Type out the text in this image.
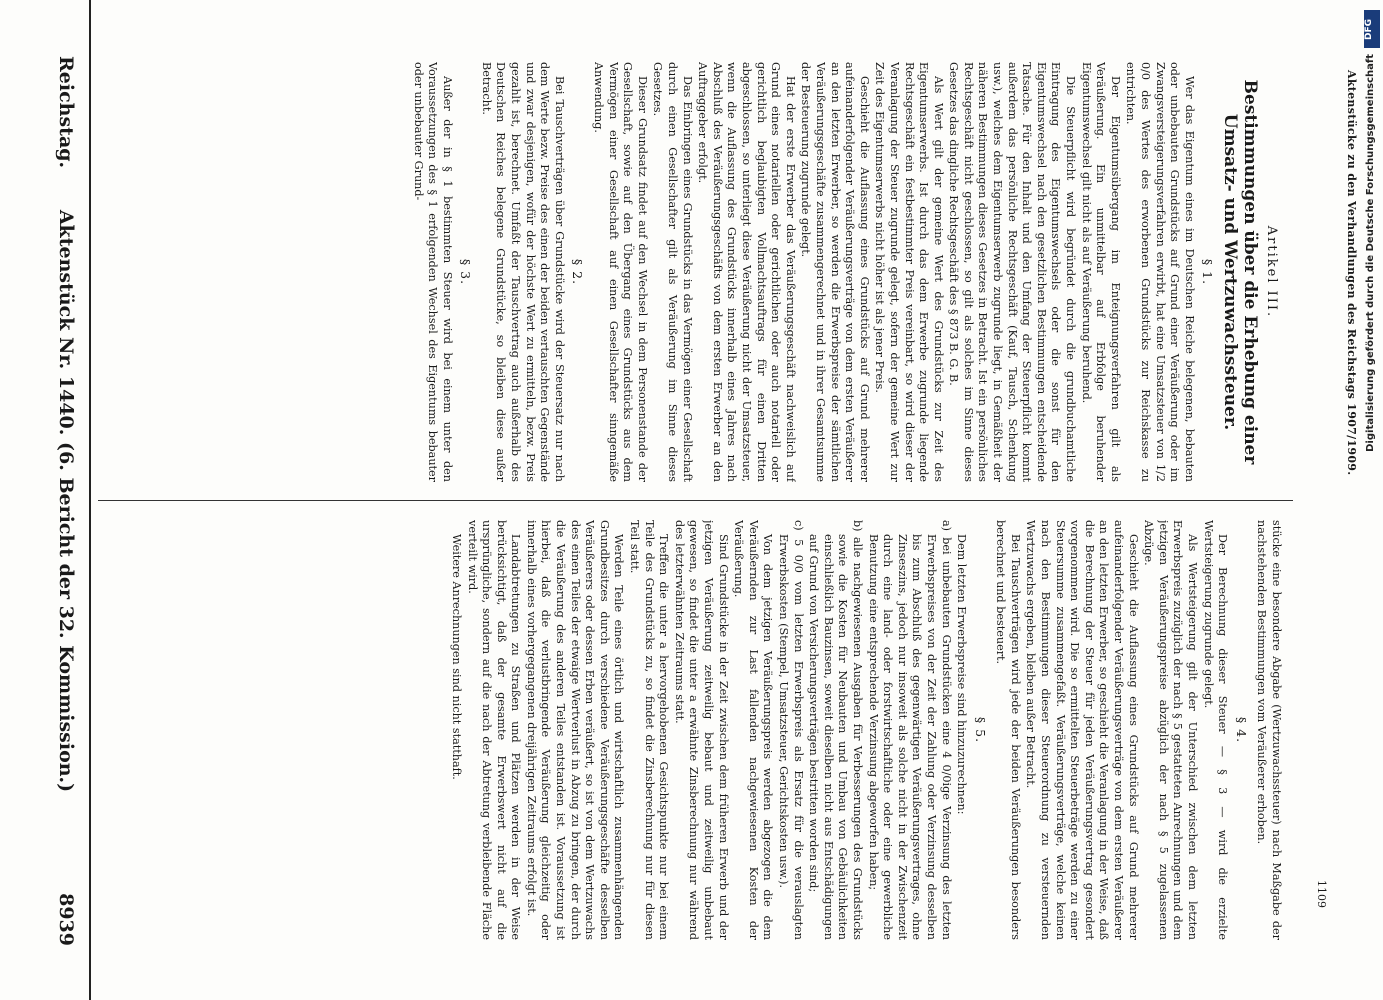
Reichstag.
Aktenstück Nr. 1440. (6. Bericht der 32. Kommission.)
8939
Artikel III.
Bestimmungen über die Erhebung einer Umsatz- und Wertzuwachssteuer.
§ 1.

Wer das Eigentum eines im Deutschen Reiche belegenen, bebauten oder unbebauten Grundstücks auf Grund einer Veräußerung oder im Zwangsversteigerungsverfahren erwirbt, hat eine Umsatzsteuer von 1/2 0/0 des Wertes des erworbenen Grundstücks zur Reichskasse zu entrichten.

Der Eigentumsübergang im Enteignungsverfahren gilt als Veräußerung. Ein unmittelbar auf Erbfolge beruhender Eigentumswechsel gilt nicht als auf Veräußerung beruhend.

Die Steuerpflicht wird begründet durch die grundbuchamtliche Eintragung des Eigentumswechsels oder die sonst für den Eigentumswechsel nach den gesetzlichen Bestimmungen entscheidende Tatsache. Für den Inhalt und den Umfang der Steuerpflicht kommt außerdem das persönliche Rechtsgeschäft (Kauf, Tausch, Schenkung usw.), welches dem Eigentumserwerb zugrunde liegt, in Gemäßheit der näheren Bestimmungen dieses Gesetzes in Betracht. Ist ein persönliches Rechtsgeschäft nicht geschlossen, so gilt als solches im Sinne dieses Gesetzes das dingliche Rechtsgeschäft des § 873 B. G. B.

Als Wert gilt der gemeine Wert des Grundstücks zur Zeit des Eigentumserwerbs. Ist durch das dem Erwerbe zugrunde liegende Rechtsgeschäft ein festbestimmter Preis vereinbart, so wird dieser der Veranlagung der Steuer zugrunde gelegt, sofern der gemeine Wert zur Zeit des Eigentumserwerbs nicht höher ist als jener Preis.

Geschieht die Auflassung eines Grundstücks auf Grund mehrerer aufeinanderfolgender Veräußerungsverträge von dem ersten Veräußerer an den letzten Erwerber, so werden die Erwerbspreise der sämtlichen Veräußerungsgeschäfte zusammengerechnet und in ihrer Gesamtsumme der Besteuerung zugrunde gelegt.

Hat der erste Erwerber das Veräußerungsgeschäft nachweislich auf Grund eines notariellen oder gerichtlichen oder auch notariell oder gerichtlich beglaubigten Vollmachtsauftrags für einen Dritten abgeschlossen, so unterliegt diese Veräußerung nicht der Umsatzsteuer, wenn die Auflassung des Grundstücks innerhalb eines Jahres nach Abschluß des Veräußerungsgeschäfts von dem ersten Erwerber an den Auftraggeber erfolgt.

Das Einbringen eines Grundstücks in das Vermögen einer Gesellschaft durch einen Gesellschafter gilt als Veräußerung im Sinne dieses Gesetzes.

Dieser Grundsatz findet auf den Wechsel in dem Personenstande der Gesellschaft, sowie auf den Übergang eines Grundstücks aus dem Vermögen einer Gesellschaft auf einen Gesellschafter sinngemäße Anwendung.

§ 2.

Bei Tauschverträgen über Grundstücke wird der Steuersatz nur nach dem Werte bezw. Preise des einen der beiden vertauschten Gegenstände und zwar desjenigen, wofür der höchste Wert zu ermitteln, bezw. Preis gezahlt ist, berechnet. Umfaßt der Tauschvertrag auch außerhalb des Deutschen Reiches belegene Grundstücke, so bleiben diese außer Betracht.

§ 3.

Außer der in § 1 bestimmten Steuer wird bei einem unter den Voraussetzungen des § 1 erfolgenden Wechsel des Eigentums bebauter oder unbebauter Grund-

stücke eine besondere Abgabe (Wertzuwachssteuer) nach Maßgabe der nachstehenden Bestimmungen vom Veräußerer erhoben.

§ 4.

Der Berechnung dieser Steuer — § 3 — wird die erzielte Wertsteigerung zugrunde gelegt.

Als Wertsteigerung gilt der Unterschied zwischen dem letzten Erwerbspreis zuzüglich der nach § 5 gestatteten Anrechnungen und dem jetzigen Veräußerungspreise abzüglich der nach § 5 zugelassenen Abzüge.

Geschieht die Auflassung eines Grundstücks auf Grund mehrerer aufeinanderfolgender Veräußerungsverträge von dem ersten Veräußerer an den letzten Erwerber, so geschieht die Veranlagung in der Weise, daß die Berechnung der Steuer für jeden Veräußerungsvertrag gesondert vorgenommen wird. Die so ermittelten Steuerbeträge werden zu einer Steuersumme zusammengefaßt. Veräußerungsverträge, welche keinen nach den Bestimmungen dieser Steuerordnung zu versteuernden Wertzuwachs ergeben, bleiben außer Betracht.

Bei Tauschverträgen wird jede der beiden Veräußerungen besonders berechnet und besteuert.

§ 5.

Dem letzten Erwerbspreise sind hinzuzurechnen:

a) bei unbebauten Grundstücken eine 4 0/0ige Verzinsung des letzten Erwerbspreises von der Zeit der Zahlung oder Verzinsung desselben bis zum Abschluß des gegenwärtigen Veräußerungsvertrages, ohne Zinseszins, jedoch nur insoweit als solche nicht in der Zwischenzeit durch eine land- oder forstwirtschaftliche oder eine gewerbliche Benutzung eine entsprechende Verzinsung abgeworfen haben;

b) alle nachgewiesenen Ausgaben für Verbesserungen des Grundstücks sowie die Kosten für Neubauten und Umbau von Gebäulichkeiten einschließlich Bauzinsen, soweit dieselben nicht aus Entschädigungen auf Grund von Versicherungsverträgen bestritten worden sind;

c) 5 0/0 vom letzten Erwerbspreis als Ersatz für die verauslagten Erwerbskosten (Stempel, Umsatzsteuer, Gerichtskosten usw.).

Von dem jetzigen Veräußerungspreis werden abgezogen die dem Veräußernden zur Last fallenden nachgewiesenen Kosten der Veräußerung.

Sind Grundstücke in der Zeit zwischen dem früheren Erwerb und der jetzigen Veräußerung zeitweilig bebaut und zeitweilig unbebaut gewesen, so findet die unter a erwähnte Zinsberechnung nur während des letzterwähnten Zeitraums statt.

Treffen die unter a hervorgehobenen Gesichtspunkte nur bei einem Teile des Grundstücks zu, so findet die Zinsberechnung nur für diesen Teil statt.

Werden Teile eines örtlich und wirtschaftlich zusammenhängenden Grundbesitzes durch verschiedene Veräußerungsgeschäfte desselben Veräußerers oder dessen Erben veräußert, so ist von dem Wertzuwachs des einen Teiles der etwaige Wertverlust in Abzug zu bringen, der durch die Veräußerung des anderen Teiles entstanden ist. Voraussetzung ist hierbei, daß die verlustbringende Veräußerung gleichzeitig oder innerhalb eines vorhergegangenen dreijährigen Zeitraums erfolgt ist.

Landabtretungen zu Straßen und Plätzen werden in der Weise berücksichtigt, daß der gesamte Erwerbswert nicht auf die ursprüngliche, sondern auf die nach der Abtretung verbleibende Fläche verteilt wird.

Weitere Anrechnungen sind nicht statthaft.

Aktenstücke zu den Verhandlungen des Reichstags 1907/1909.
1109
DFG
Digitalisierung gefördert durch die Deutsche Forschungsgemeinschaft
